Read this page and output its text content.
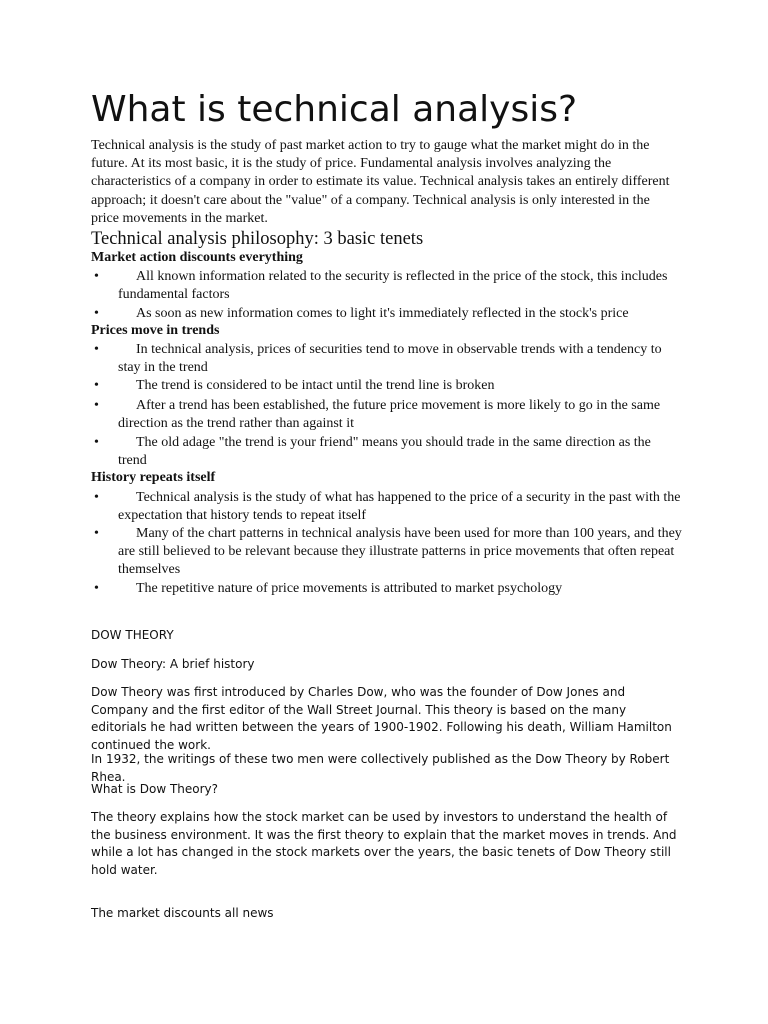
What is technical analysis?

Technical analysis is the study of past market action to try to gauge what the market might do in the future. At its most basic, it is the study of price. Fundamental analysis involves analyzing the characteristics of a company in order to estimate its value. Technical analysis takes an entirely different approach; it doesn't care about the "value" of a company. Technical analysis is only interested in the price movements in the market.

Technical analysis philosophy: 3 basic tenets

Market action discounts everything

•	All known information related to the security is reflected in the price of the stock, this includes fundamental factors
•	As soon as new information comes to light it's immediately reflected in the stock's price

Prices move in trends

•	In technical analysis, prices of securities tend to move in observable trends with a tendency to stay in the trend
•	The trend is considered to be intact until the trend line is broken
•	After a trend has been established, the future price movement is more likely to go in the same direction as the trend rather than against it
•	The old adage "the trend is your friend" means you should trade in the same direction as the trend

History repeats itself

•	Technical analysis is the study of what has happened to the price of a security in the past with the expectation that history tends to repeat itself
•	Many of the chart patterns in technical analysis have been used for more than 100 years, and they are still believed to be relevant because they illustrate patterns in price movements that often repeat themselves
•	The repetitive nature of price movements is attributed to market psychology

DOW THEORY

Dow Theory: A brief history

Dow Theory was first introduced by Charles Dow, who was the founder of Dow Jones and Company and the first editor of the Wall Street Journal. This theory is based on the many editorials he had written between the years of 1900-1902. Following his death, William Hamilton continued the work.

In 1932, the writings of these two men were collectively published as the Dow Theory by Robert Rhea.

What is Dow Theory?

The theory explains how the stock market can be used by investors to understand the health of the business environment. It was the first theory to explain that the market moves in trends. And while a lot has changed in the stock markets over the years, the basic tenets of Dow Theory still hold water.

The market discounts all news
